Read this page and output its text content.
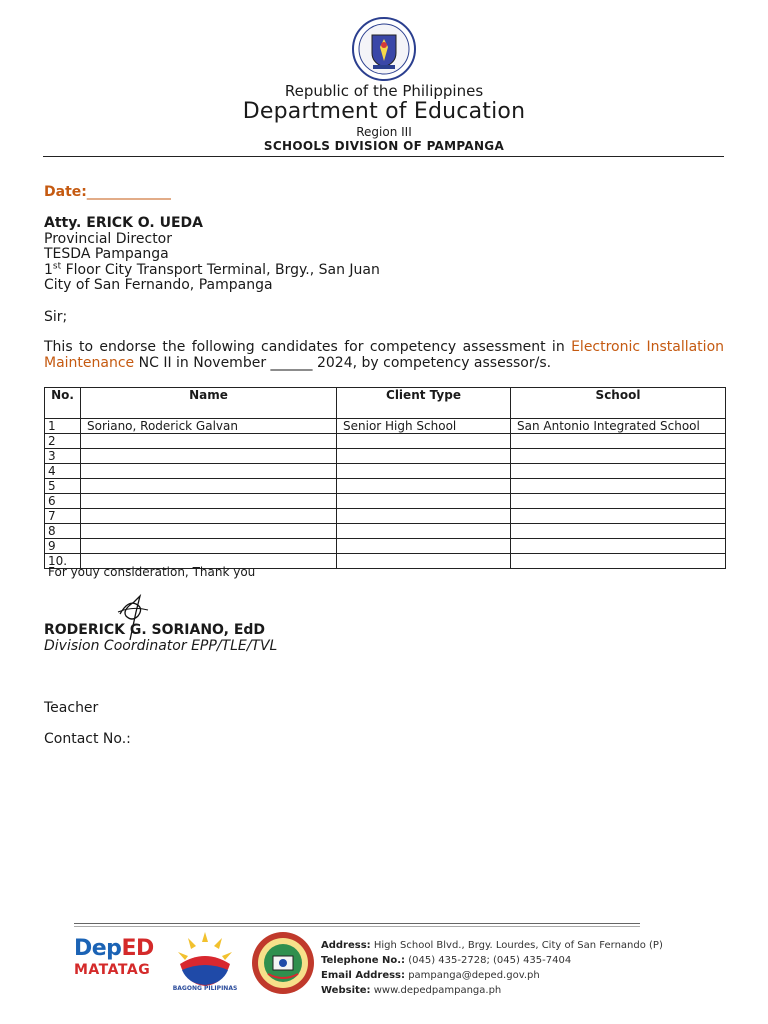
Republic of the Philippines
Department of Education
Region III
SCHOOLS DIVISION OF PAMPANGA
Date:____________
Atty. ERICK O. UEDA
Provincial Director
TESDA Pampanga
1st Floor City Transport Terminal, Brgy., San Juan
City of San Fernando, Pampanga
Sir;
This to endorse the following candidates for competency assessment in Electronic Installation Maintenance NC II in November ______ 2024, by competency assessor/s.
No.	Name	Client Type	School
1	Soriano, Roderick Galvan	Senior High School	San Antonio Integrated School
2			
3			
4			
5			
6			
7			
8			
9			
10.			
For youy consideration, Thank you
RODERICK G. SORIANO, EdD
Division Coordinator EPP/TLE/TVL
Teacher
Contact No.:
DepED
MATATAG
BAGONG PILIPINAS
Address: High School Blvd., Brgy. Lourdes, City of San Fernando (P)
Telephone No.: (045) 435-2728; (045) 435-7404
Email Address: pampanga@deped.gov.ph
Website: www.depedpampanga.ph
